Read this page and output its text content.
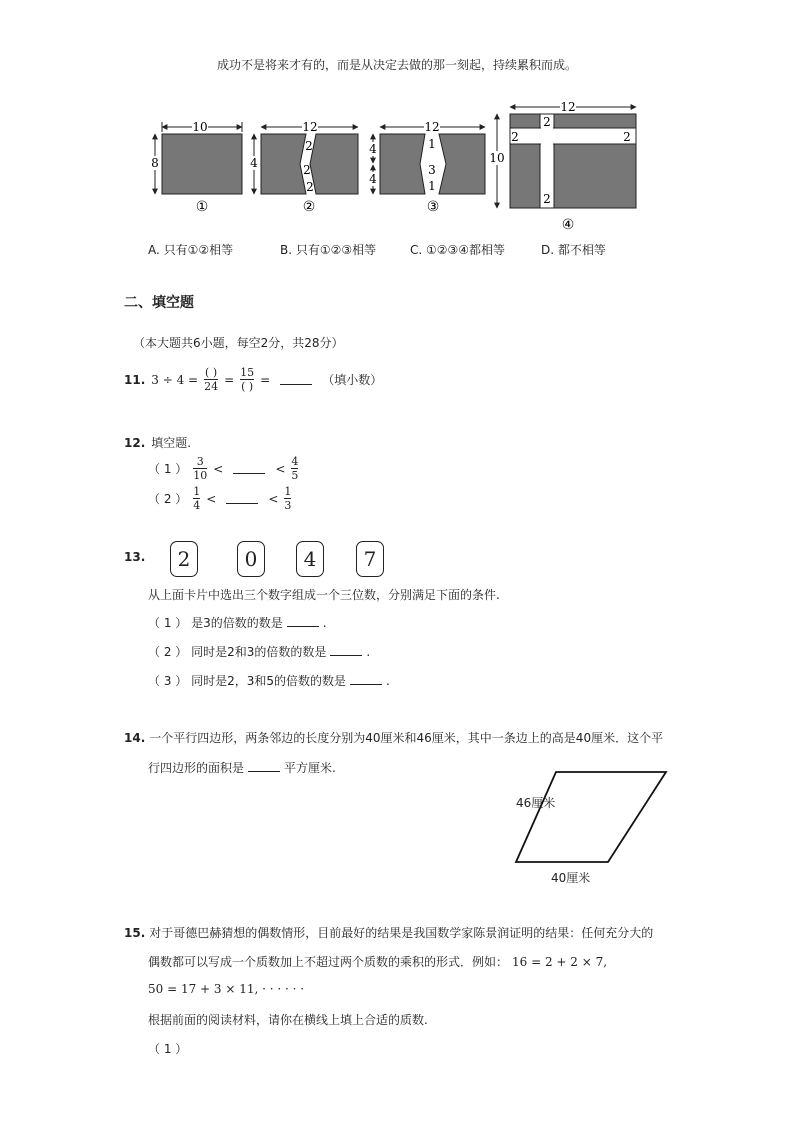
成功不是将来才有的，而是从决定去做的那一刻起，持续累积而成。
10
8
①
12
4
2
2
2
②
12
4
4
1
3
1
③
12
10
2
2	2
2
④
A. 只有①②相等	B. 只有①②③相等	C. ①②③④都相等	D. 都不相等
二、填空题
（本大题共6小题，每空2分，共28分）
11. $3 \div 4 = \frac{( )}{24} = \frac{15}{( )}$ =	（填小数）
12. 填空题.
（ 1 ） $\frac{3}{10}$ <	< $\frac{4}{5}$
（ 2 ） $\frac{1}{4}$ <	< $\frac{1}{3}$
13.	2	0	4	7
从上面卡片中选出三个数字组成一个三位数，分别满足下面的条件.
（ 1 ）
是3的倍数的数是	.
（ 2 ）
同时是2和3的倍数的数是	.
（ 3 ）
同时是2，3和5的倍数的数是	.
14. 一个平行四边形，两条邻边的长度分别为40厘米和46厘米，其中一条边上的高是40厘米．这个平
行四边形的面积是	平方厘米.
46厘米
40厘米
15. 对于哥德巴赫猜想的偶数情形，目前最好的结果是我国数学家陈景润证明的结果：任何充分大的
偶数都可以写成一个质数加上不超过两个质数的乘积的形式．例如： 16 = 2 + 2 × 7,
50 = 17 + 3 × 11, · · · · · ·
根据前面的阅读材料，请你在横线上填上合适的质数.
（ 1 ）
